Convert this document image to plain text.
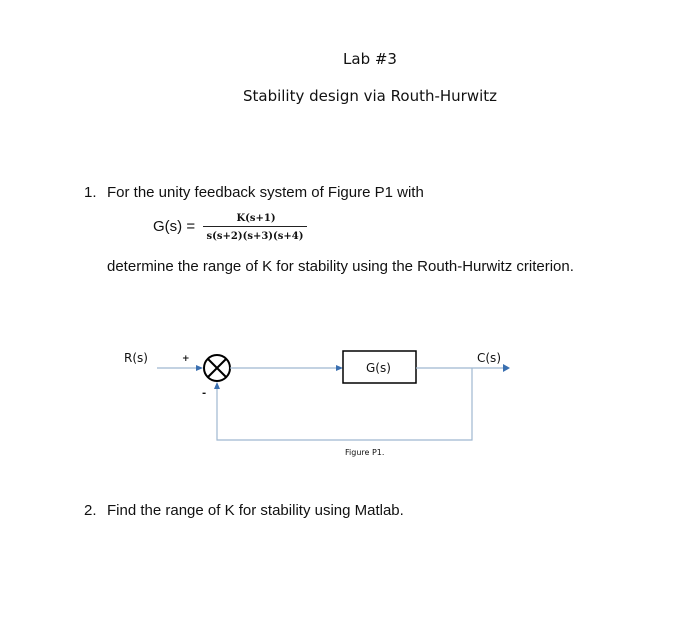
Lab #3
Stability design via Routh-Hurwitz
1. For the unity feedback system of Figure P1 with
G(s) =	K(s+1)
s(s+2)(s+3)(s+4)
determine the range of K for stability using the Routh-Hurwitz criterion.
R(s)	+
-
G(s)
C(s)
Figure P1.
2. Find the range of K for stability using Matlab.
